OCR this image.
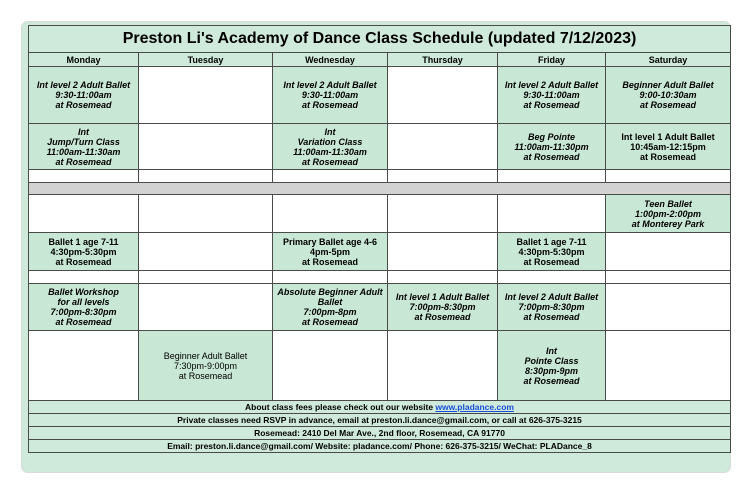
Preston Li's Academy of Dance Class Schedule (updated 7/12/2023)					
Monday	Tuesday	Wednesday	Thursday	Friday	Saturday

Int level 2 Adult Ballet
9:30-11:00am
at Rosemead		Int level 2 Adult Ballet
9:30-11:00am
at Rosemead		Int level 2 Adult Ballet
9:30-11:00am
at Rosemead	Beginner Adult Ballet
9:00-10:30am
at Rosemead

Int
Jump/Turn Class
11:00am-11:30am
at Rosemead		Int
Variation Class
11:00am-11:30am
at Rosemead		Beg Pointe
11:00am-11:30pm
at Rosemead	Int level 1 Adult Ballet
10:45am-12:15pm
at Rosemead

					Teen Ballet
1:00pm-2:00pm
at Monterey Park

Ballet 1 age 7-11
4:30pm-5:30pm
at Rosemead		Primary Ballet age 4-6
4pm-5pm
at Rosemead		Ballet 1 age 7-11
4:30pm-5:30pm
at Rosemead	

Ballet Workshop
for all levels
7:00pm-8:30pm
at Rosemead		Absolute Beginner Adult
Ballet
7:00pm-8pm
at Rosemead	Int level 1 Adult Ballet
7:00pm-8:30pm
at Rosemead	Int level 2 Adult Ballet
7:00pm-8:30pm
at Rosemead	

	Beginner Adult Ballet
7:30pm-9:00pm
at Rosemead			Int
Pointe Class
8:30pm-9pm
at Rosemead	

About class fees please check out our website www.pladance.com					
Private classes need RSVP in advance, email at preston.li.dance@gmail.com, or call at 626-375-3215					
Rosemead: 2410 Del Mar Ave., 2nd floor, Rosemead, CA 91770					
Email: preston.li.dance@gmail.com/ Website: pladance.com/ Phone: 626-375-3215/ WeChat: PLADance_8					
